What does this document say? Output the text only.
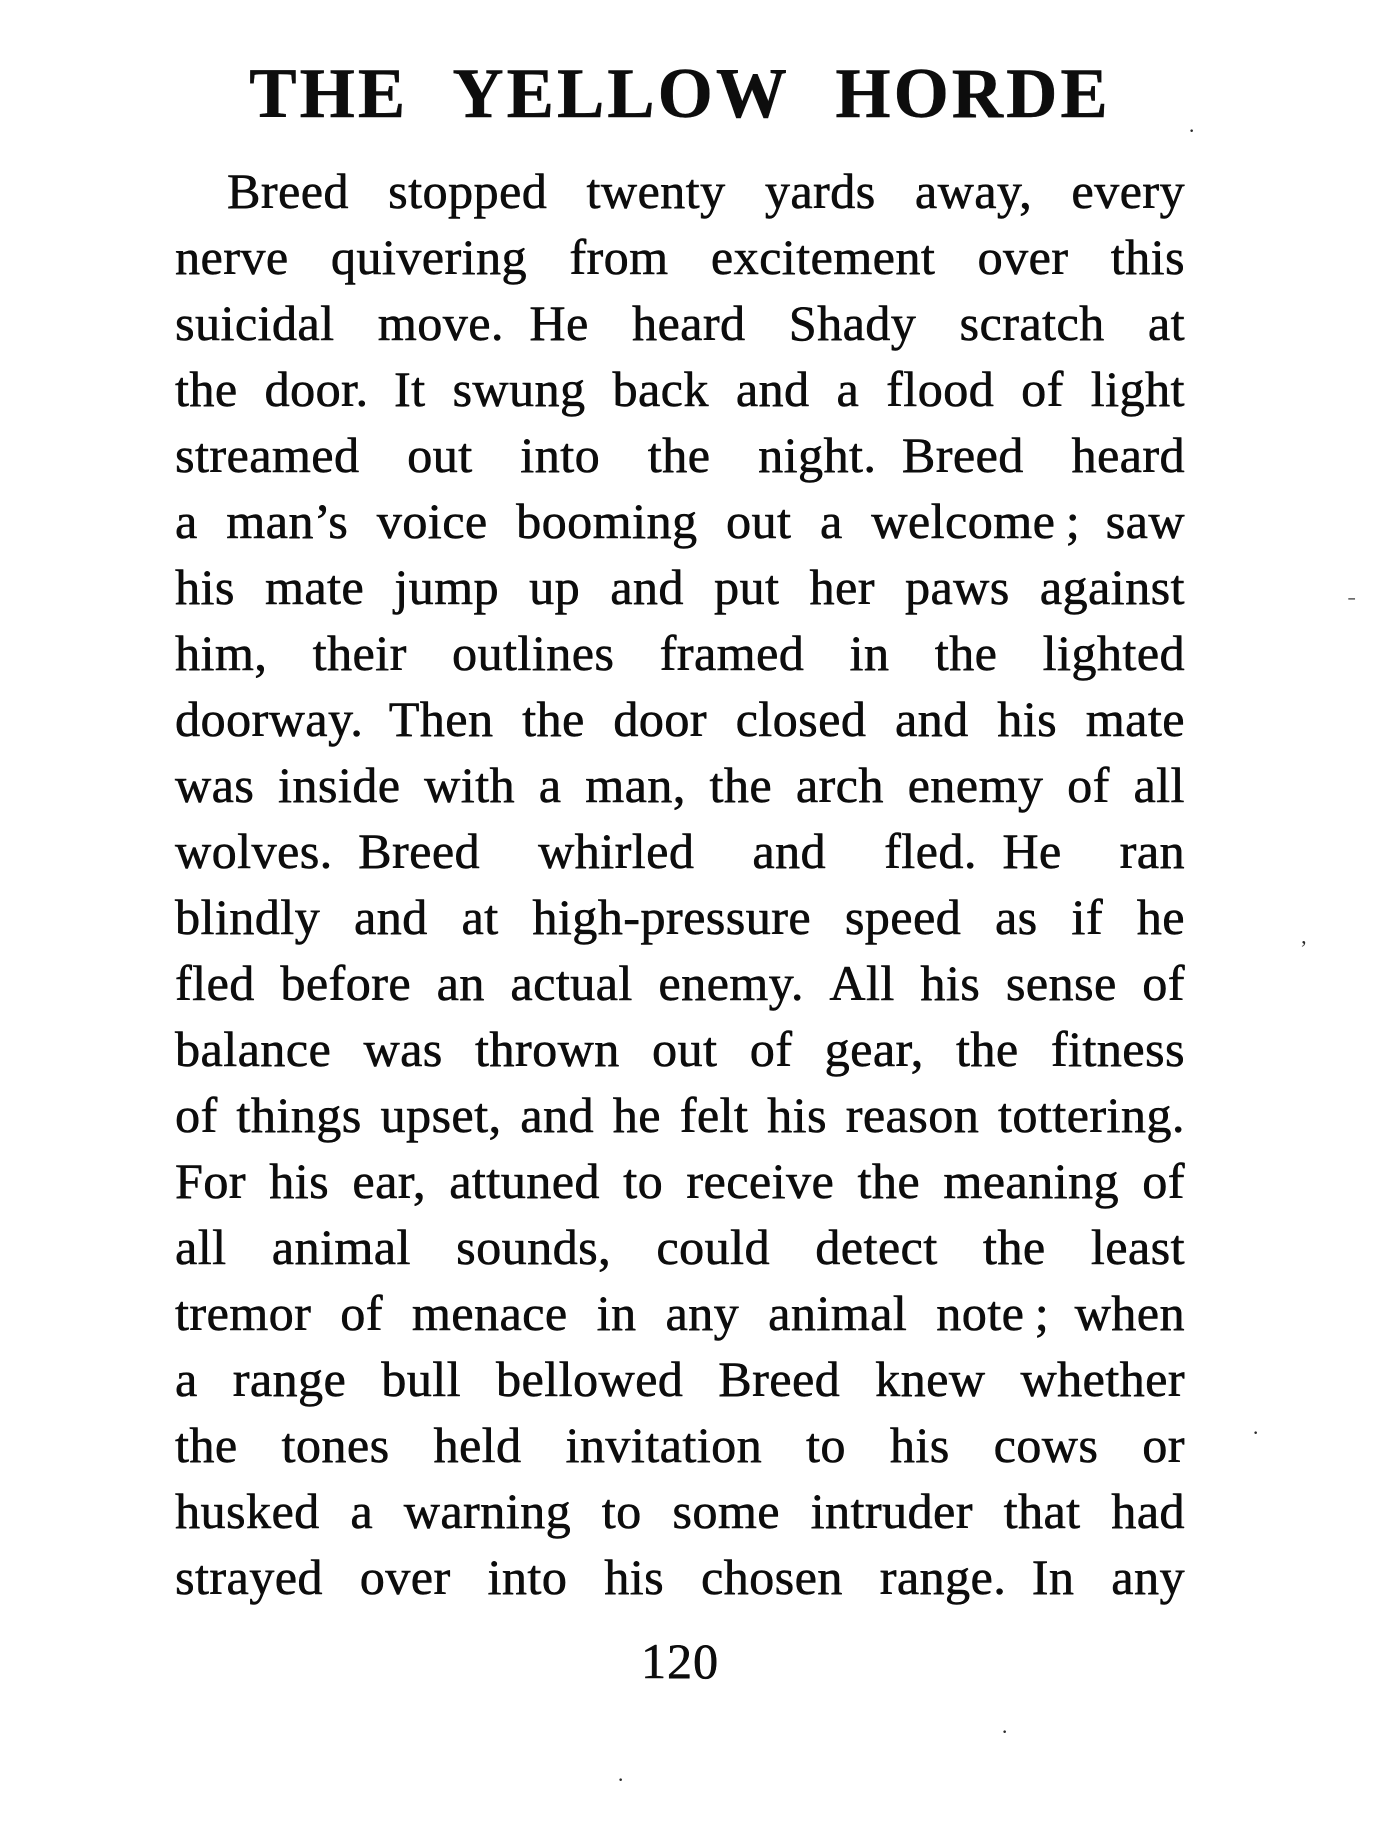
THE YELLOW HORDE
Breed stopped twenty yards away, every
nerve quivering from excitement over this
suicidal move. He heard Shady scratch at
the door. It swung back and a flood of light
streamed out into the night. Breed heard
a man’s voice booming out a welcome ; saw
his mate jump up and put her paws against
him, their outlines framed in the lighted
doorway. Then the door closed and his mate
was inside with a man, the arch enemy of all
wolves. Breed whirled and fled. He ran
blindly and at high-pressure speed as if he
fled before an actual enemy. All his sense of
balance was thrown out of gear, the fitness
of things upset, and he felt his reason tottering.
For his ear, attuned to receive the meaning of
all animal sounds, could detect the least
tremor of menace in any animal note ; when
a range bull bellowed Breed knew whether
the tones held invitation to his cows or
husked a warning to some intruder that had
strayed over into his chosen range. In any
120
·
ˉ
ʼ
·
·
·
